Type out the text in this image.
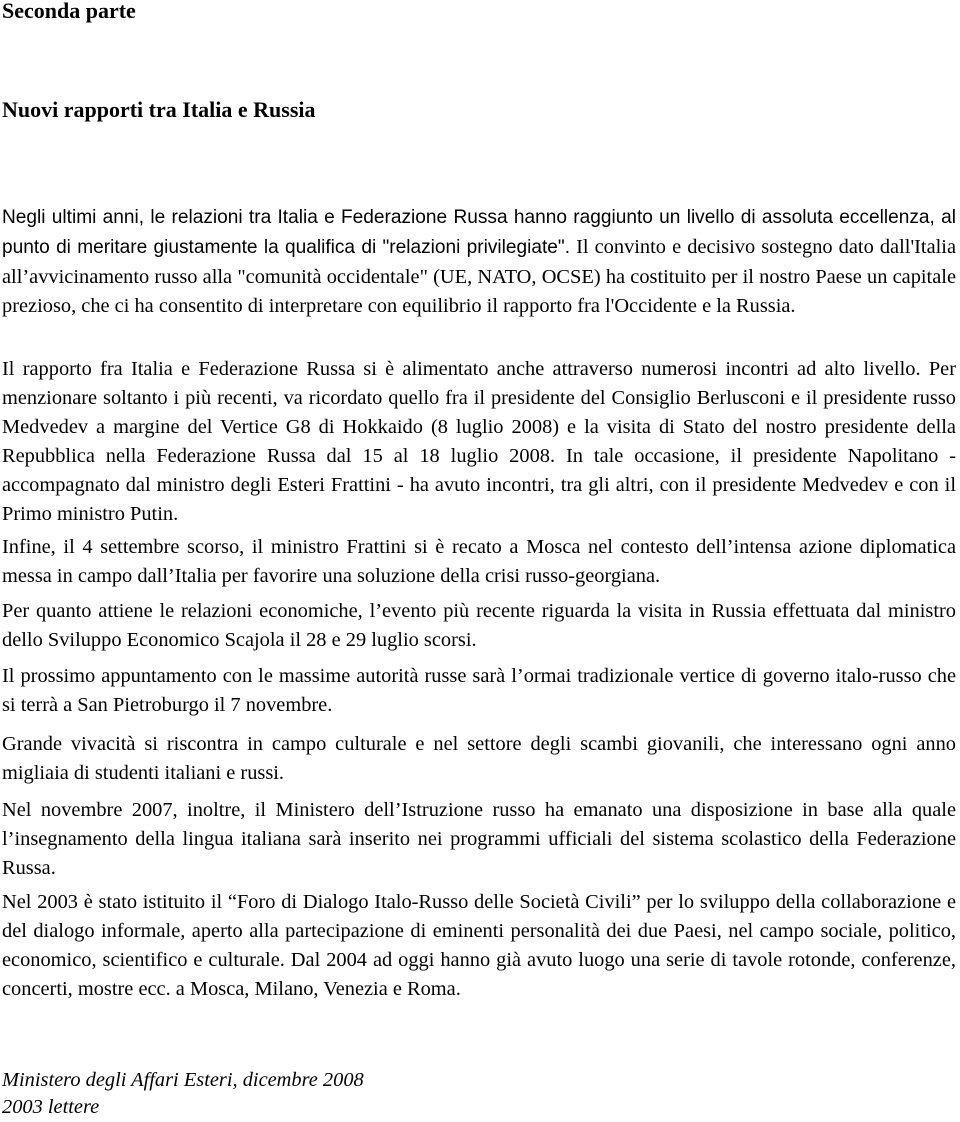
Seconda parte
Nuovi rapporti tra Italia e Russia

Negli ultimi anni, le relazioni tra Italia e Federazione Russa hanno raggiunto un livello di assoluta eccellenza, al punto di meritare giustamente la qualifica di "relazioni privilegiate". Il convinto e decisivo sostegno dato dall'Italia all’avvicinamento russo alla "comunità occidentale" (UE, NATO, OCSE) ha costituito per il nostro Paese un capitale prezioso, che ci ha consentito di interpretare con equilibrio il rapporto fra l'Occidente e la Russia.

Il rapporto fra Italia e Federazione Russa si è alimentato anche attraverso numerosi incontri ad alto livello. Per menzionare soltanto i più recenti, va ricordato quello fra il presidente del Consiglio Berlusconi e il presidente russo Medvedev a margine del Vertice G8 di Hokkaido (8 luglio 2008) e la visita di Stato del nostro presidente della Repubblica nella Federazione Russa dal 15 al 18 luglio 2008. In tale occasione, il presidente Napolitano - accompagnato dal ministro degli Esteri Frattini - ha avuto incontri, tra gli altri, con il presidente Medvedev e con il Primo ministro Putin.

Infine, il 4 settembre scorso, il ministro Frattini si è recato a Mosca nel contesto dell’intensa azione diplomatica messa in campo dall’Italia per favorire una soluzione della crisi russo-georgiana.

Per quanto attiene le relazioni economiche, l’evento più recente riguarda la visita in Russia effettuata dal ministro dello Sviluppo Economico Scajola il 28 e 29 luglio scorsi.

Il prossimo appuntamento con le massime autorità russe sarà l’ormai tradizionale vertice di governo italo-russo che si terrà a San Pietroburgo il 7 novembre.

Grande vivacità si riscontra in campo culturale e nel settore degli scambi giovanili, che interessano ogni anno migliaia di studenti italiani e russi.

Nel novembre 2007, inoltre, il Ministero dell’Istruzione russo ha emanato una disposizione in base alla quale l’insegnamento della lingua italiana sarà inserito nei programmi ufficiali del sistema scolastico della Federazione Russa.

Nel 2003 è stato istituito il “Foro di Dialogo Italo-Russo delle Società Civili” per lo sviluppo della collaborazione e del dialogo informale, aperto alla partecipazione di eminenti personalità dei due Paesi, nel campo sociale, politico, economico, scientifico e culturale. Dal 2004 ad oggi hanno già avuto luogo una serie di tavole rotonde, conferenze, concerti, mostre ecc. a Mosca, Milano, Venezia e Roma.

Ministero degli Affari Esteri, dicembre 2008

2003 lettere
